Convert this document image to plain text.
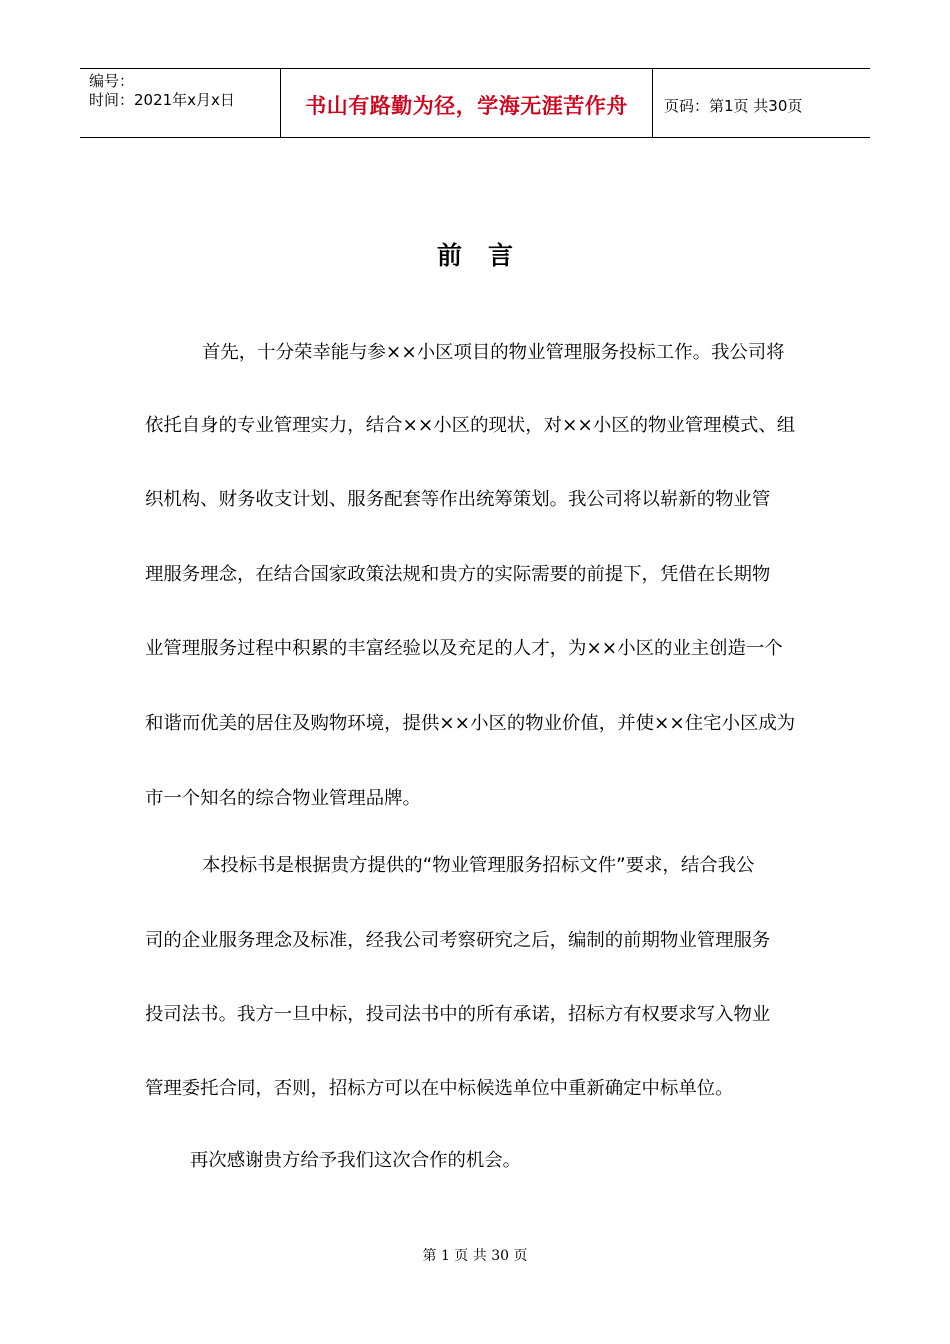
编号：
时间：2021年x月x日	书山有路勤为径，学海无涯苦作舟	页码：第1页 共30页
前言
首先，十分荣幸能与参××小区项目的物业管理服务投标工作。我公司将
依托自身的专业管理实力，结合××小区的现状，对××小区的物业管理模式、组
织机构、财务收支计划、服务配套等作出统筹策划。我公司将以崭新的物业管
理服务理念，在结合国家政策法规和贵方的实际需要的前提下，凭借在长期物
业管理服务过程中积累的丰富经验以及充足的人才，为××小区的业主创造一个
和谐而优美的居住及购物环境，提供××小区的物业价值，并使××住宅小区成为
市一个知名的综合物业管理品牌。
本投标书是根据贵方提供的“物业管理服务招标文件”要求，结合我公
司的企业服务理念及标准，经我公司考察研究之后，编制的前期物业管理服务
投司法书。我方一旦中标，投司法书中的所有承诺，招标方有权要求写入物业
管理委托合同，否则，招标方可以在中标候选单位中重新确定中标单位。
再次感谢贵方给予我们这次合作的机会。
第 1 页 共 30 页
